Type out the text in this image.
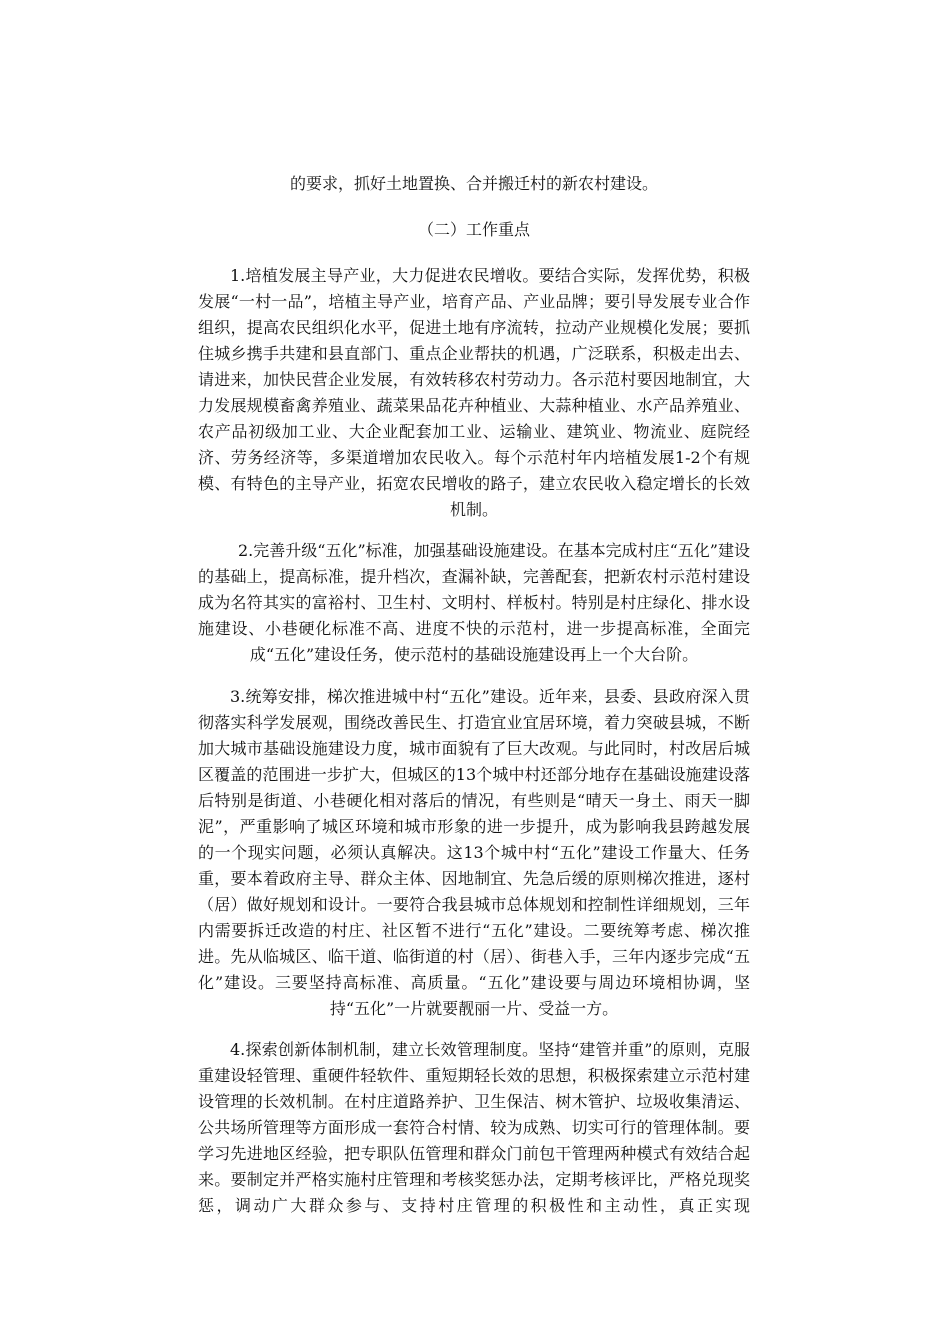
的要求，抓好土地置换、合并搬迁村的新农村建设。

（二）工作重点

1.培植发展主导产业，大力促进农民增收。要结合实际，发挥优势，积极发展“一村一品”，培植主导产业，培育产品、产业品牌；要引导发展专业合作组织，提高农民组织化水平，促进土地有序流转，拉动产业规模化发展；要抓住城乡携手共建和县直部门、重点企业帮扶的机遇，广泛联系，积极走出去、请进来，加快民营企业发展，有效转移农村劳动力。各示范村要因地制宜，大力发展规模畜禽养殖业、蔬菜果品花卉种植业、大蒜种植业、水产品养殖业、农产品初级加工业、大企业配套加工业、运输业、建筑业、物流业、庭院经济、劳务经济等，多渠道增加农民收入。每个示范村年内培植发展1-2个有规模、有特色的主导产业，拓宽农民增收的路子，建立农民收入稳定增长的长效机制。

2.完善升级“五化”标准，加强基础设施建设。在基本完成村庄“五化”建设的基础上，提高标准，提升档次，查漏补缺，完善配套，把新农村示范村建设成为名符其实的富裕村、卫生村、文明村、样板村。特别是村庄绿化、排水设施建设、小巷硬化标准不高、进度不快的示范村，进一步提高标准，全面完成“五化”建设任务，使示范村的基础设施建设再上一个大台阶。

3.统筹安排，梯次推进城中村“五化”建设。近年来，县委、县政府深入贯彻落实科学发展观，围绕改善民生、打造宜业宜居环境，着力突破县城，不断加大城市基础设施建设力度，城市面貌有了巨大改观。与此同时，村改居后城区覆盖的范围进一步扩大，但城区的13个城中村还部分地存在基础设施建设落后特别是街道、小巷硬化相对落后的情况，有些则是“晴天一身土、雨天一脚泥”，严重影响了城区环境和城市形象的进一步提升，成为影响我县跨越发展的一个现实问题，必须认真解决。这13个城中村“五化”建设工作量大、任务重，要本着政府主导、群众主体、因地制宜、先急后缓的原则梯次推进，逐村（居）做好规划和设计。一要符合我县城市总体规划和控制性详细规划，三年内需要拆迁改造的村庄、社区暂不进行“五化”建设。二要统筹考虑、梯次推进。先从临城区、临干道、临街道的村（居）、街巷入手，三年内逐步完成“五化”建设。三要坚持高标准、高质量。“五化”建设要与周边环境相协调，坚持“五化”一片就要靓丽一片、受益一方。

4.探索创新体制机制，建立长效管理制度。坚持“建管并重”的原则，克服重建设轻管理、重硬件轻软件、重短期轻长效的思想，积极探索建立示范村建设管理的长效机制。在村庄道路养护、卫生保洁、树木管护、垃圾收集清运、公共场所管理等方面形成一套符合村情、较为成熟、切实可行的管理体制。要学习先进地区经验，把专职队伍管理和群众门前包干管理两种模式有效结合起来。要制定并严格实施村庄管理和考核奖惩办法，定期考核评比，严格兑现奖惩，调动广大群众参与、支持村庄管理的积极性和主动性，真正实现
